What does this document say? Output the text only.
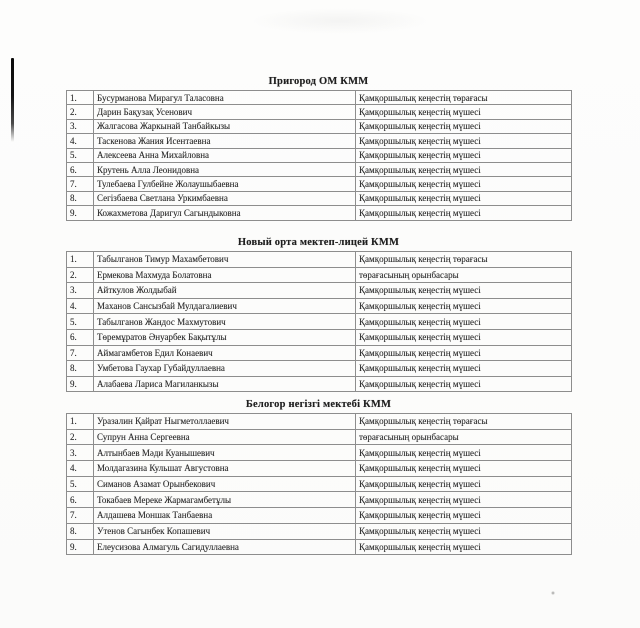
Пригород ОМ КММ
1.	Бусурманова Мирагул Таласовна	Қамқоршылық кеңестің төрағасы
2.	Дарин Бақузақ Усенович	Қамқоршылық кеңестің мүшесі
3.	Жалгасова Жаркынай Танбайкызы	Қамқоршылық кеңестің мүшесі
4.	Таскенова Жания Исентаевна	Қамқоршылық кеңестің мүшесі
5.	Алексеева Анна Михайловна	Қамқоршылық кеңестің мүшесі
6.	Крутень Алла Леонидовна	Қамқоршылық кеңестің мүшесі
7.	Тулебаева Гулбейне Жолаушыбаевна	Қамқоршылық кеңестің мүшесі
8.	Сегізбаева Светлана Уркимбаевна	Қамқоршылық кеңестің мүшесі
9.	Кожахметова Даригул Сагындыковна	Қамқоршылық кеңестің мүшесі
Новый орта мектеп-лицей КММ
1.	Табылганов Тимур Махамбетович	Қамқоршылық кеңестің төрағасы
2.	Ермекова Махмуда Болатовна	төрағасының орынбасары
3.	Айткулов Жолдыбай	Қамқоршылық кеңестің мүшесі
4.	Маханов Сансызбай Мулдагалиевич	Қамқоршылық кеңестің мүшесі
5.	Табылганов Жандос Махмутович	Қамқоршылық кеңестің мүшесі
6.	Төремұратов Әнуарбек Бақытұлы	Қамқоршылық кеңестің мүшесі
7.	Аймагамбетов Едил Конаевич	Қамқоршылық кеңестің мүшесі
8.	Умбетова Гаухар Губайдуллаевна	Қамқоршылық кеңестің мүшесі
9.	Алабаева Лариса Магиланкызы	Қамқоршылық кеңестің мүшесі
Белогор негізгі мектебі КММ
1.	Уразалин Қайрат Ныгметоллаевич	Қамқоршылық кеңестің төрағасы
2.	Супрун Анна Сергеевна	төрағасының орынбасары
3.	Алтынбаев Мәди Куанышевич	Қамқоршылық кеңестің мүшесі
4.	Молдагазина Кульшат Августовна	Қамқоршылық кеңестің мүшесі
5.	Симанов Азамат Орынбекович	Қамқоршылық кеңестің мүшесі
6.	Токабаев Мереке Жармагамбетұлы	Қамқоршылық кеңестің мүшесі
7.	Алдашева Моншак Танбаевна	Қамқоршылық кеңестің мүшесі
8.	Утенов Сагынбек Копашевич	Қамқоршылық кеңестің мүшесі
9.	Елеусизова Алмагуль Сагидуллаевна	Қамқоршылық кеңестің мүшесі
